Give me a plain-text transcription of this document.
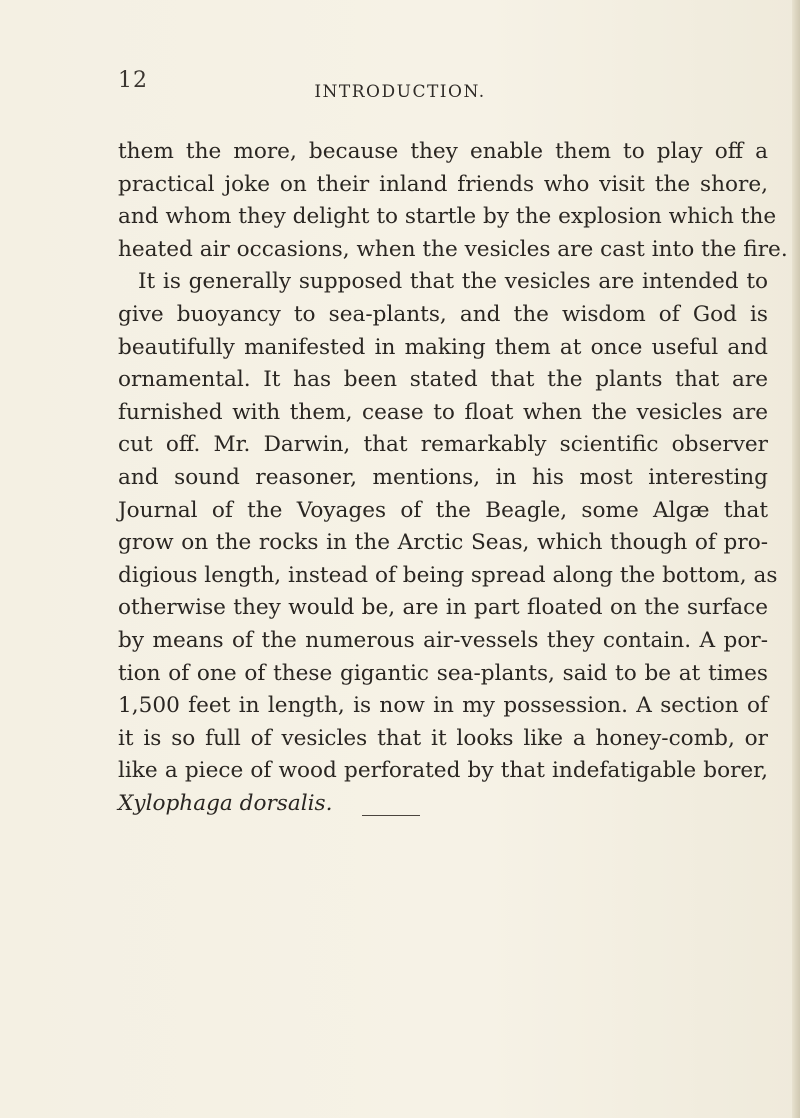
12	INTRODUCTION.
them the more, because they enable them to play off a
practical joke on their inland friends who visit the shore,
and whom they delight to startle by the explosion which the
heated air occasions, when the vesicles are cast into the fire.
It is generally supposed that the vesicles are intended to
give buoyancy to sea-plants, and the wisdom of God is
beautifully manifested in making them at once useful and
ornamental. It has been stated that the plants that are
furnished with them, cease to float when the vesicles are
cut off. Mr. Darwin, that remarkably scientific observer
and sound reasoner, mentions, in his most interesting
Journal of the Voyages of the Beagle, some Algæ that
grow on the rocks in the Arctic Seas, which though of pro-
digious length, instead of being spread along the bottom, as
otherwise they would be, are in part floated on the surface
by means of the numerous air-vessels they contain. A por-
tion of one of these gigantic sea-plants, said to be at times
1,500 feet in length, is now in my possession. A section of
it is so full of vesicles that it looks like a honey-comb, or
like a piece of wood perforated by that indefatigable borer,
Xylophaga dorsalis.
